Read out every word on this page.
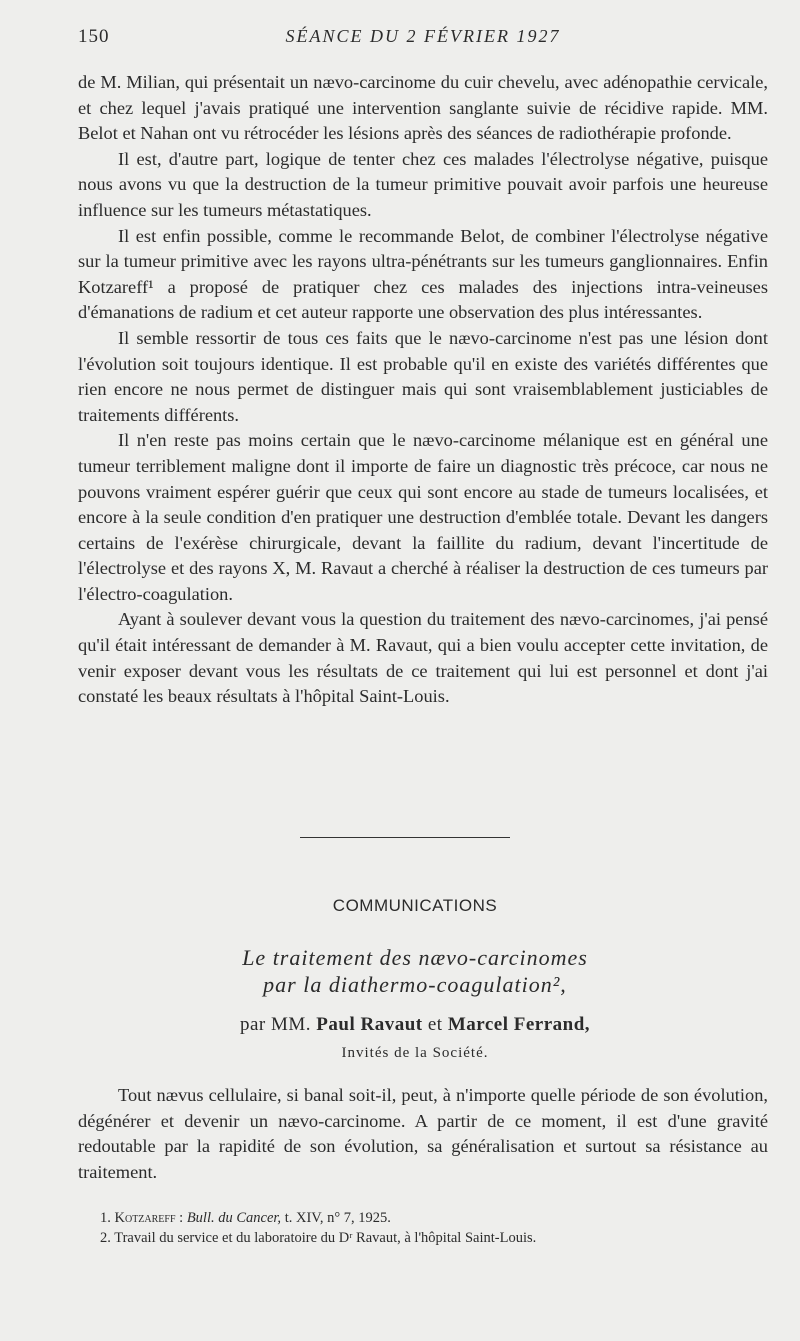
150	SÉANCE DU 2 FÉVRIER 1927

de M. Milian, qui présentait un nævo-carcinome du cuir chevelu, avec adénopathie cervicale, et chez lequel j'avais pratiqué une intervention sanglante suivie de récidive rapide. MM. Belot et Nahan ont vu rétrocéder les lésions après des séances de radiothérapie profonde.

Il est, d'autre part, logique de tenter chez ces malades l'électrolyse négative, puisque nous avons vu que la destruction de la tumeur primitive pouvait avoir parfois une heureuse influence sur les tumeurs métastatiques.

Il est enfin possible, comme le recommande Belot, de combiner l'électrolyse négative sur la tumeur primitive avec les rayons ultra-pénétrants sur les tumeurs ganglionnaires. Enfin Kotzareff¹ a proposé de pratiquer chez ces malades des injections intra-veineuses d'émanations de radium et cet auteur rapporte une observation des plus intéressantes.

Il semble ressortir de tous ces faits que le nævo-carcinome n'est pas une lésion dont l'évolution soit toujours identique. Il est probable qu'il en existe des variétés différentes que rien encore ne nous permet de distinguer mais qui sont vraisemblablement justiciables de traitements différents.

Il n'en reste pas moins certain que le nævo-carcinome mélanique est en général une tumeur terriblement maligne dont il importe de faire un diagnostic très précoce, car nous ne pouvons vraiment espérer guérir que ceux qui sont encore au stade de tumeurs localisées, et encore à la seule condition d'en pratiquer une destruction d'emblée totale. Devant les dangers certains de l'exérèse chirurgicale, devant la faillite du radium, devant l'incertitude de l'électrolyse et des rayons X, M. Ravaut a cherché à réaliser la destruction de ces tumeurs par l'électro-coagulation.

Ayant à soulever devant vous la question du traitement des nævo-carcinomes, j'ai pensé qu'il était intéressant de demander à M. Ravaut, qui a bien voulu accepter cette invitation, de venir exposer devant vous les résultats de ce traitement qui lui est personnel et dont j'ai constaté les beaux résultats à l'hôpital Saint-Louis.

COMMUNICATIONS
Le traitement des nævo-carcinomes
par la diathermo-coagulation²,
par MM. Paul Ravaut et Marcel Ferrand,
Invités de la Société.

Tout nævus cellulaire, si banal soit-il, peut, à n'importe quelle période de son évolution, dégénérer et devenir un nævo-carcinome. A partir de ce moment, il est d'une gravité redoutable par la rapidité de son évolution, sa généralisation et surtout sa résistance au traitement.

1. Kotzareff : Bull. du Cancer, t. XIV, n° 7, 1925.
2. Travail du service et du laboratoire du Dʳ Ravaut, à l'hôpital Saint-Louis.
